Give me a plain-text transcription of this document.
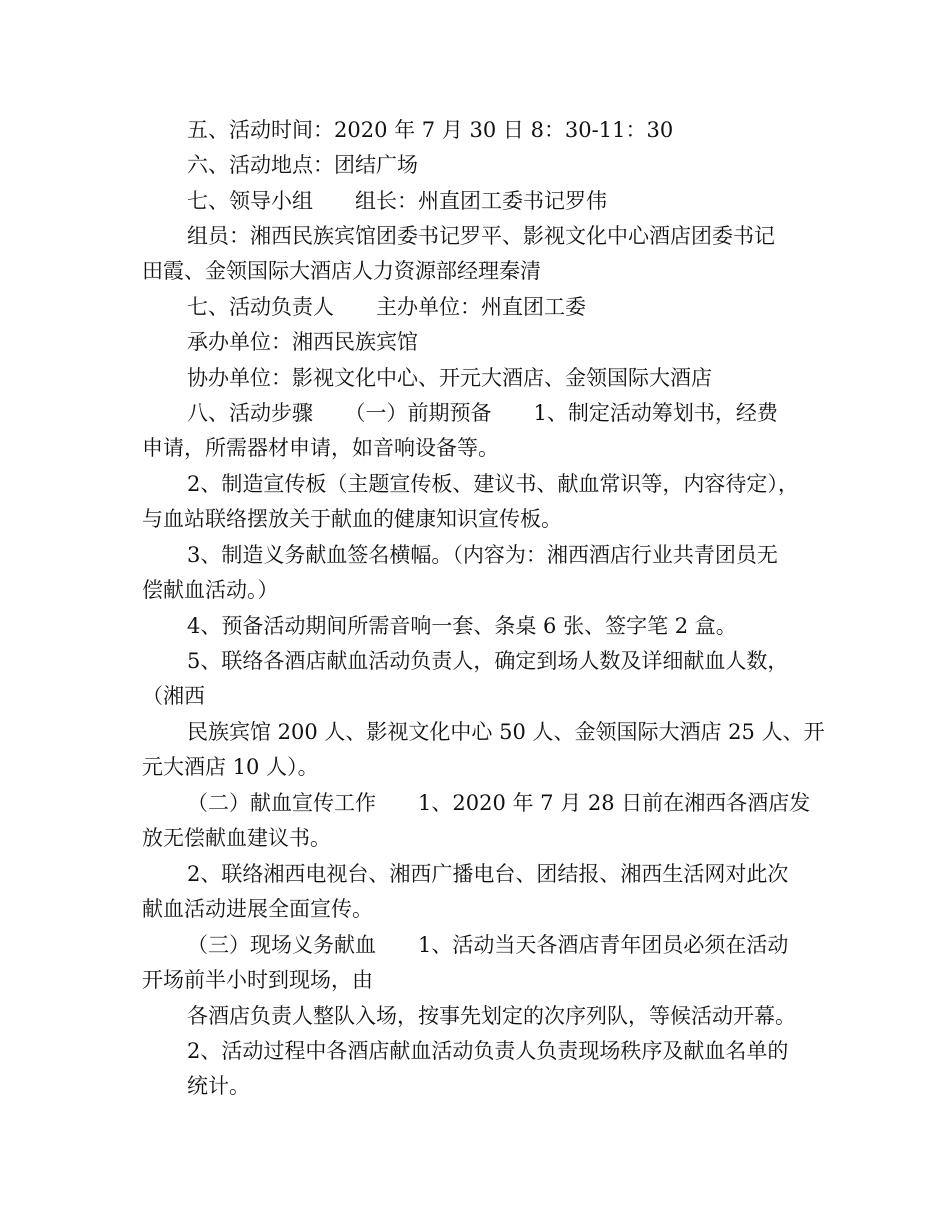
五、活动时间：2020 年 7 月 30 日 8：30-11：30
六、活动地点：团结广场
七、领导小组　　组长：州直团工委书记罗伟
组员：湘西民族宾馆团委书记罗平、影视文化中心酒店团委书记
田霞、金领国际大酒店人力资源部经理秦清
七、活动负责人　　主办单位：州直团工委
承办单位：湘西民族宾馆
协办单位：影视文化中心、开元大酒店、金领国际大酒店
八、活动步骤　　（一）前期预备　　1、制定活动筹划书，经费
申请，所需器材申请，如音响设备等。
2、制造宣传板（主题宣传板、建议书、献血常识等，内容待定），
与血站联络摆放关于献血的健康知识宣传板。
3、制造义务献血签名横幅。（内容为：湘西酒店行业共青团员无
偿献血活动。）
4、预备活动期间所需音响一套、条桌 6 张、签字笔 2 盒。
5、联络各酒店献血活动负责人，确定到场人数及详细献血人数，
（湘西
民族宾馆 200 人、影视文化中心 50 人、金领国际大酒店 25 人、开
元大酒店 10 人）。
（二）献血宣传工作　　1、2020 年 7 月 28 日前在湘西各酒店发
放无偿献血建议书。
2、联络湘西电视台、湘西广播电台、团结报、湘西生活网对此次
献血活动进展全面宣传。
（三）现场义务献血　　1、活动当天各酒店青年团员必须在活动
开场前半小时到现场，由
各酒店负责人整队入场，按事先划定的次序列队，等候活动开幕。
2、活动过程中各酒店献血活动负责人负责现场秩序及献血名单的
统计。
